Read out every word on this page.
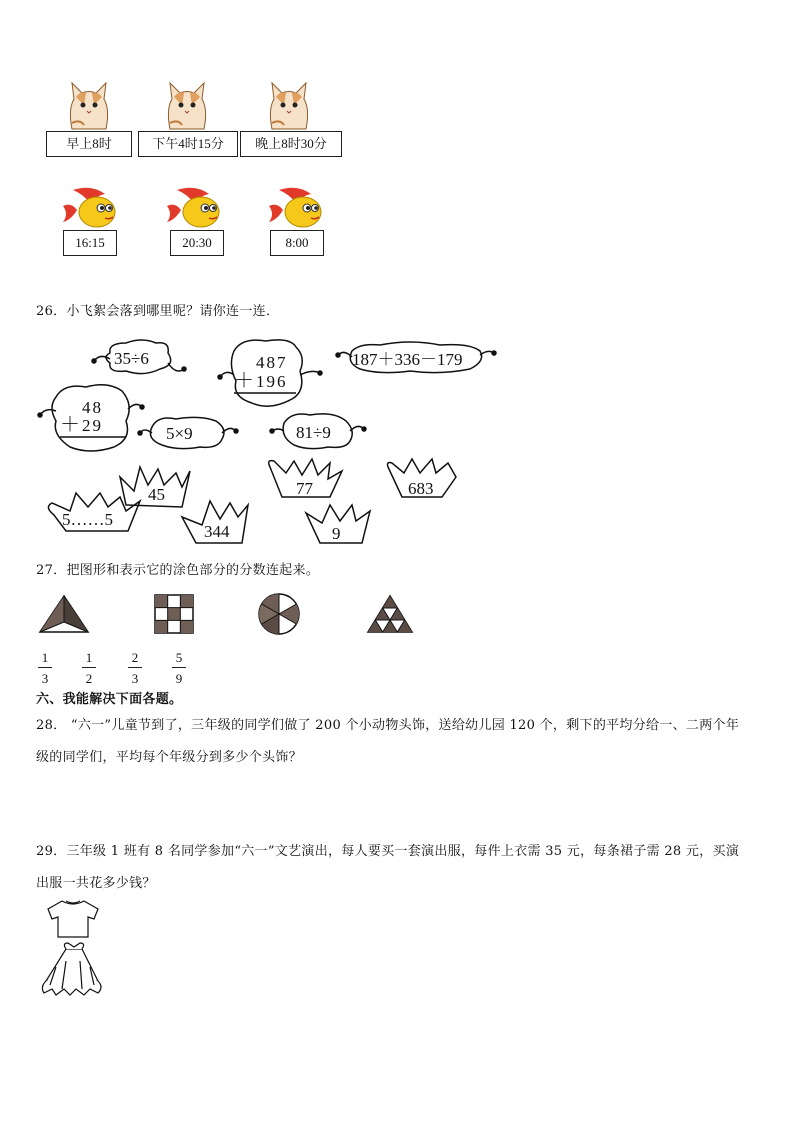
早上8时	下午4时15分	晚上8时30分
16:15	20:30	8:00
26．小飞絮会落到哪里呢？请你连一连．
35÷6	487
＋ 196
187＋336－179
48
＋ 29	5×9	81÷9
45
5……5
344
77
9
683
27．把图形和表示它的涂色部分的分数连起来。
$\frac{1}{3} \frac{1}{2} \frac{2}{3} \frac{5}{9}$
六、我能解决下面各题。
28． “六一”儿童节到了，三年级的同学们做了 200 个小动物头饰，送给幼儿园 120 个，剩下的平均分给一、二两个年
级的同学们，平均每个年级分到多少个头饰？
29．三年级 1 班有 8 名同学参加“六一”文艺演出，每人要买一套演出服，每件上衣需 35 元，每条裙子需 28 元，买演
出服一共花多少钱？
